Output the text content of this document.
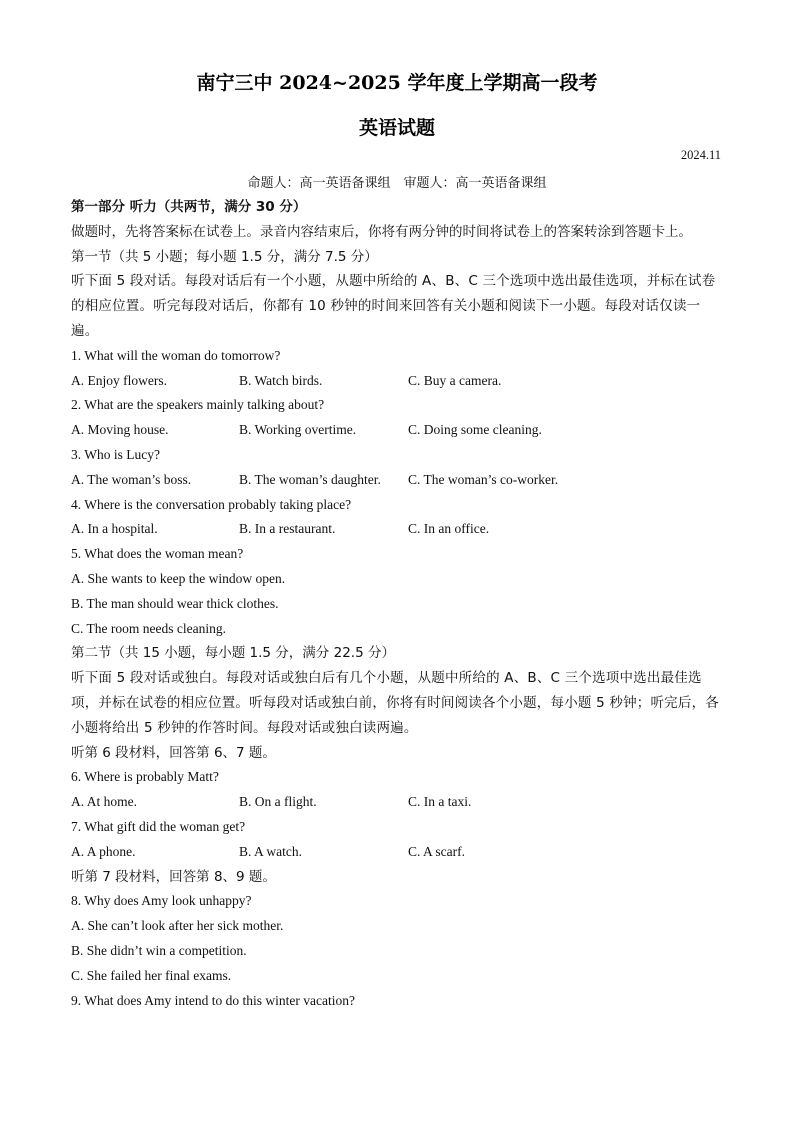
南宁三中 2024~2025 学年度上学期高一段考
英语试题
2024.11
命题人：高一英语备课组　审题人：高一英语备课组
第一部分 听力（共两节，满分 30 分）
做题时，先将答案标在试卷上。录音内容结束后，你将有两分钟的时间将试卷上的答案转涂到答题卡上。
第一节（共 5 小题；每小题 1.5 分，满分 7.5 分）
听下面 5 段对话。每段对话后有一个小题，从题中所给的 A、B、C 三个选项中选出最佳选项，并标在试卷的相应位置。听完每段对话后，你都有 10 秒钟的时间来回答有关小题和阅读下一小题。每段对话仅读一遍。
1. What will the woman do tomorrow?
A. Enjoy flowers.	B. Watch birds.	C. Buy a camera.
2. What are the speakers mainly talking about?
A. Moving house.	B. Working overtime.	C. Doing some cleaning.
3. Who is Lucy?
A. The woman’s boss.	B. The woman’s daughter. C. The woman’s co-worker.
4. Where is the conversation probably taking place?
A. In a hospital.	B. In a restaurant.	C. In an office.
5. What does the woman mean?
A. She wants to keep the window open.
B. The man should wear thick clothes.
C. The room needs cleaning.
第二节（共 15 小题，每小题 1.5 分，满分 22.5 分）
听下面 5 段对话或独白。每段对话或独白后有几个小题，从题中所给的 A、B、C 三个选项中选出最佳选项，并标在试卷的相应位置。听每段对话或独白前，你将有时间阅读各个小题，每小题 5 秒钟；听完后，各小题将给出 5 秒钟的作答时间。每段对话或独白读两遍。
听第 6 段材料，回答第 6、7 题。
6. Where is probably Matt?
A. At home.	B. On a flight.	C. In a taxi.
7. What gift did the woman get?
A. A phone.	B. A watch.	C. A scarf.
听第 7 段材料，回答第 8、9 题。
8. Why does Amy look unhappy?
A. She can’t look after her sick mother.
B. She didn’t win a competition.
C. She failed her final exams.
9. What does Amy intend to do this winter vacation?
